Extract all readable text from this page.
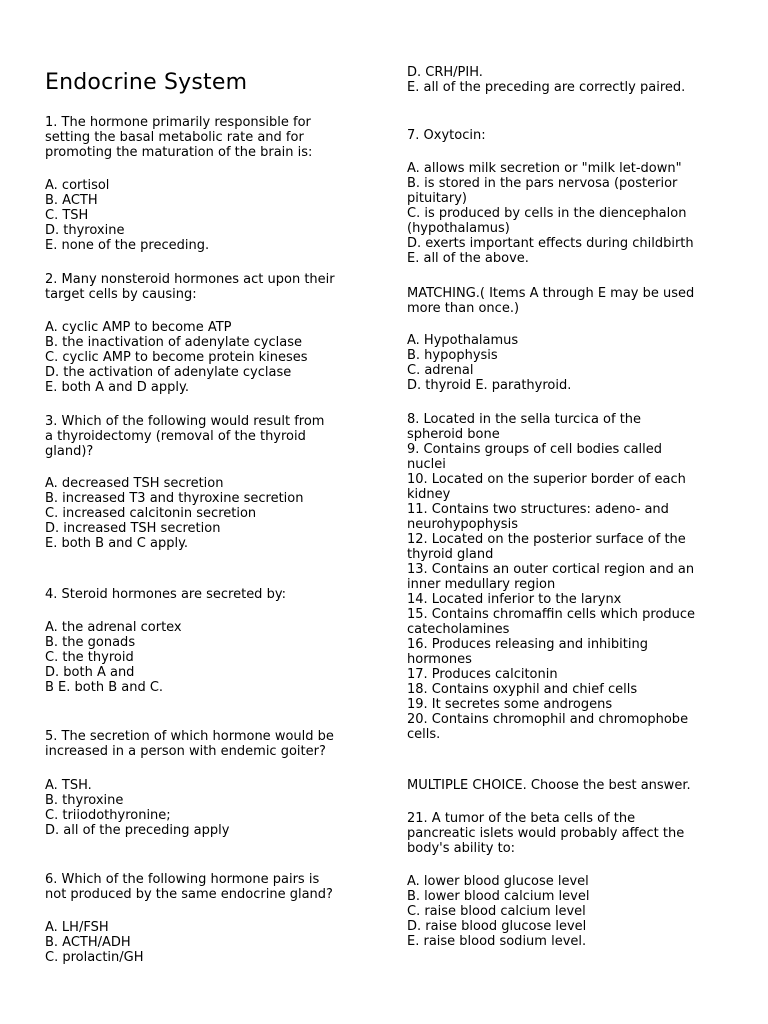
Endocrine System
1. The hormone primarily responsible for
setting the basal metabolic rate and for
promoting the maturation of the brain is:
A. cortisol
B. ACTH
C. TSH
D. thyroxine
E. none of the preceding.
2. Many nonsteroid hormones act upon their
target cells by causing:
A. cyclic AMP to become ATP
B. the inactivation of adenylate cyclase
C. cyclic AMP to become protein kineses
D. the activation of adenylate cyclase
E. both A and D apply.
3. Which of the following would result from
a thyroidectomy (removal of the thyroid
gland)?
A. decreased TSH secretion
B. increased T3 and thyroxine secretion
C. increased calcitonin secretion
D. increased TSH secretion
E. both B and C apply.
4. Steroid hormones are secreted by:
A. the adrenal cortex
B. the gonads
C. the thyroid
D. both A and
B E. both B and C.
5. The secretion of which hormone would be
increased in a person with endemic goiter?
A. TSH.
B. thyroxine
C. triiodothyronine;
D. all of the preceding apply
6. Which of the following hormone pairs is
not produced by the same endocrine gland?
A. LH/FSH
B. ACTH/ADH
C. prolactin/GH
D. CRH/PIH.
E. all of the preceding are correctly paired.
7. Oxytocin:
A. allows milk secretion or "milk let-down"
B. is stored in the pars nervosa (posterior
pituitary)
C. is produced by cells in the diencephalon
(hypothalamus)
D. exerts important effects during childbirth
E. all of the above.
MATCHING.( Items A through E may be used
more than once.)
A. Hypothalamus
B. hypophysis
C. adrenal
D. thyroid E. parathyroid.
8. Located in the sella turcica of the
spheroid bone
9. Contains groups of cell bodies called
nuclei
10. Located on the superior border of each
kidney
11. Contains two structures: adeno- and
neurohypophysis
12. Located on the posterior surface of the
thyroid gland
13. Contains an outer cortical region and an
inner medullary region
14. Located inferior to the larynx
15. Contains chromaffin cells which produce
catecholamines
16. Produces releasing and inhibiting
hormones
17. Produces calcitonin
18. Contains oxyphil and chief cells
19. It secretes some androgens
20. Contains chromophil and chromophobe
cells.
MULTIPLE CHOICE. Choose the best answer.
21. A tumor of the beta cells of the
pancreatic islets would probably affect the
body's ability to:
A. lower blood glucose level
B. lower blood calcium level
C. raise blood calcium level
D. raise blood glucose level
E. raise blood sodium level.
